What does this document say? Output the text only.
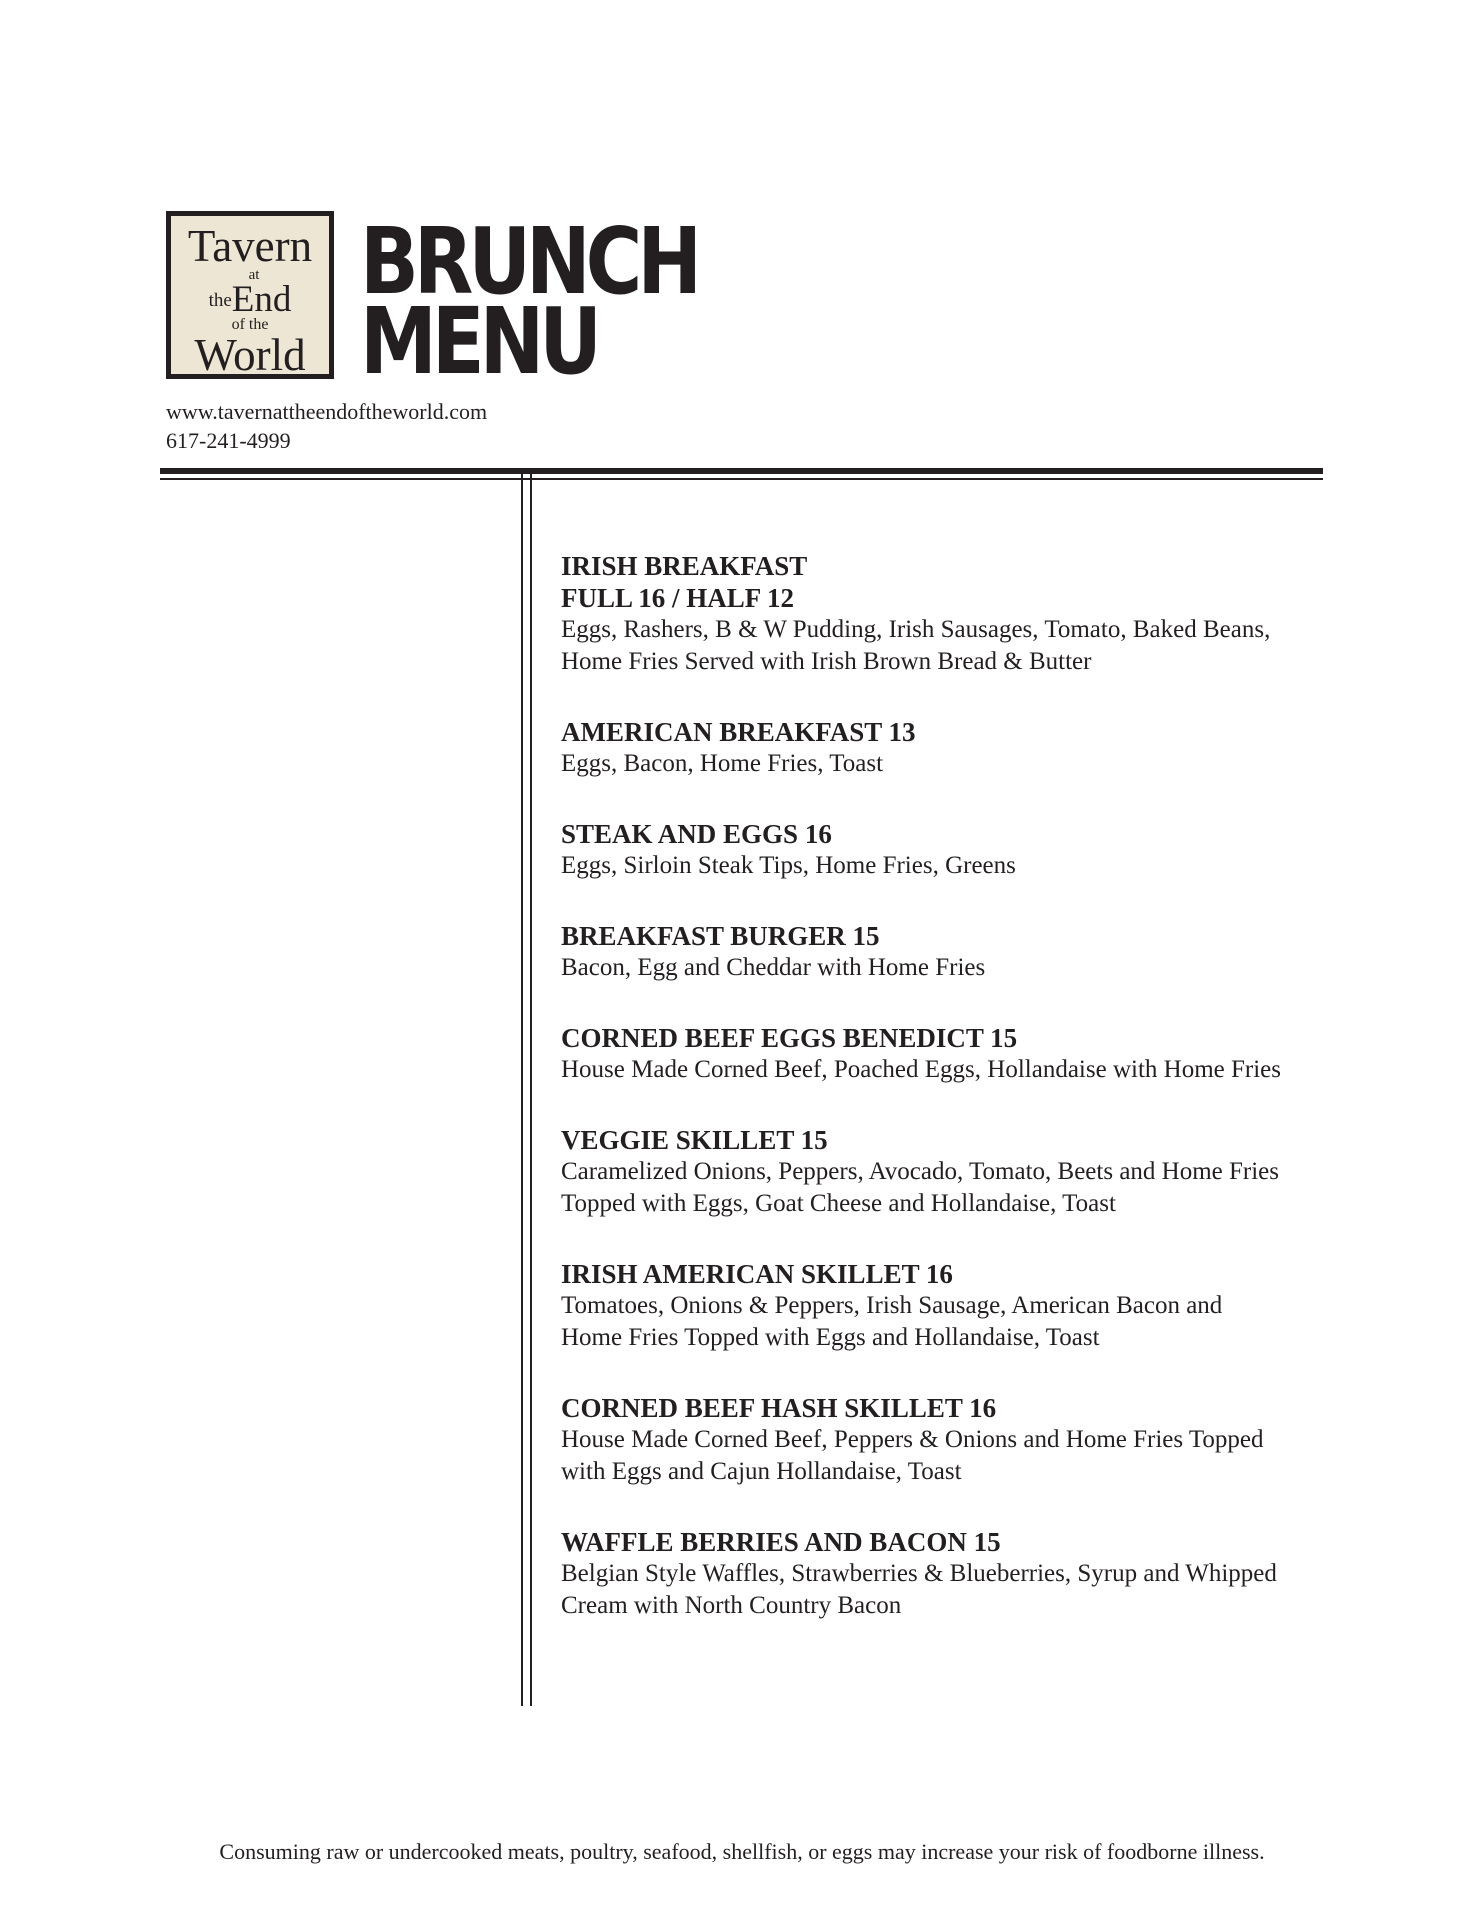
Tavern
at
theEnd
of the
World
BRUNCH
MENU
www.tavernattheendoftheworld.com
617-241-4999
IRISH BREAKFAST
FULL 16 / HALF 12
Eggs, Rashers, B & W Pudding, Irish Sausages, Tomato, Baked Beans,
Home Fries Served with Irish Brown Bread & Butter
AMERICAN BREAKFAST 13
Eggs, Bacon, Home Fries, Toast
STEAK AND EGGS 16
Eggs, Sirloin Steak Tips, Home Fries, Greens
BREAKFAST BURGER 15
Bacon, Egg and Cheddar with Home Fries
CORNED BEEF EGGS BENEDICT 15
House Made Corned Beef, Poached Eggs, Hollandaise with Home Fries
VEGGIE SKILLET 15
Caramelized Onions, Peppers, Avocado, Tomato, Beets and Home Fries
Topped with Eggs, Goat Cheese and Hollandaise, Toast
IRISH AMERICAN SKILLET 16
Tomatoes, Onions & Peppers, Irish Sausage, American Bacon and
Home Fries Topped with Eggs and Hollandaise, Toast
CORNED BEEF HASH SKILLET 16
House Made Corned Beef, Peppers & Onions and Home Fries Topped
with Eggs and Cajun Hollandaise, Toast
WAFFLE BERRIES AND BACON 15
Belgian Style Waffles, Strawberries & Blueberries, Syrup and Whipped
Cream with North Country Bacon
Consuming raw or undercooked meats, poultry, seafood, shellfish, or eggs may increase your risk of foodborne illness.
